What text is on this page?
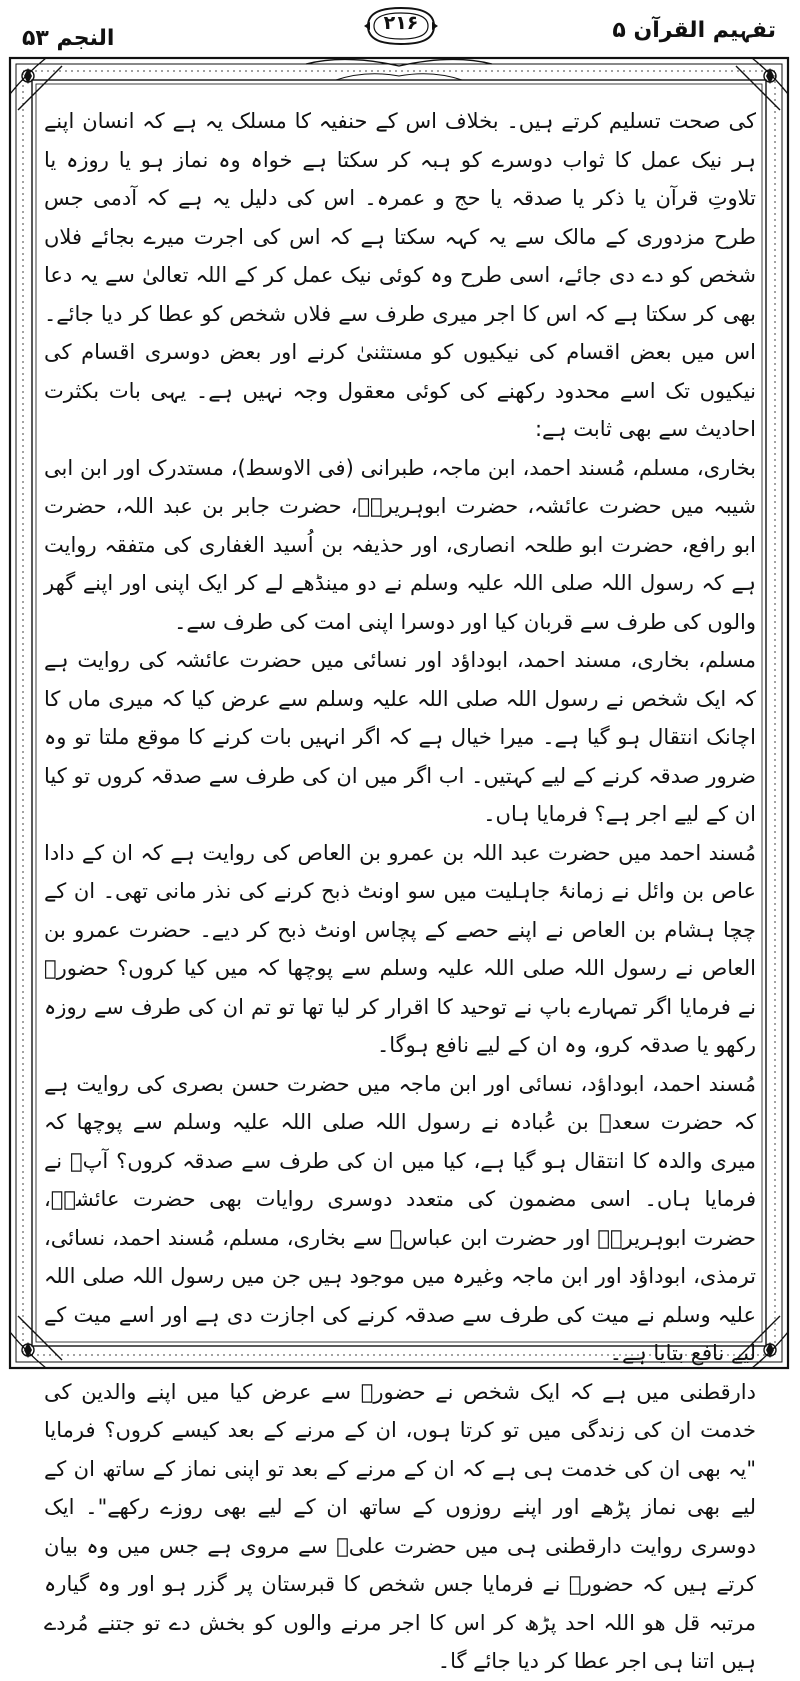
النجم ۵۳
۲۱۶	تفہیم القرآن ۵

کی صحت تسلیم کرتے ہیں۔ بخلاف اس کے حنفیہ کا مسلک یہ ہے کہ انسان اپنے ہر نیک عمل کا ثواب دوسرے کو ہبہ کر سکتا ہے خواہ وہ نماز ہو یا روزہ یا تلاوتِ قرآن یا ذکر یا صدقہ یا حج و عمرہ۔ اس کی دلیل یہ ہے کہ آدمی جس طرح مزدوری کے مالک سے یہ کہہ سکتا ہے کہ اس کی اجرت میرے بجائے فلاں شخص کو دے دی جائے، اسی طرح وہ کوئی نیک عمل کر کے اللہ تعالیٰ سے یہ دعا بھی کر سکتا ہے کہ اس کا اجر میری طرف سے فلاں شخص کو عطا کر دیا جائے۔ اس میں بعض اقسام کی نیکیوں کو مستثنیٰ کرنے اور بعض دوسری اقسام کی نیکیوں تک اسے محدود رکھنے کی کوئی معقول وجہ نہیں ہے۔ یہی بات بکثرت احادیث سے بھی ثابت ہے:

بخاری، مسلم، مُسند احمد، ابن ماجہ، طبرانی (فی الاوسط)، مستدرک اور ابن ابی شیبہ میں حضرت عائشہ، حضرت ابوہریرہؓ، حضرت جابر بن عبد اللہ، حضرت ابو رافع، حضرت ابو طلحہ انصاری، اور حذیفہ بن اُسید الغفاری کی متفقہ روایت ہے کہ رسول اللہ صلی اللہ علیہ وسلم نے دو مینڈھے لے کر ایک اپنی اور اپنے گھر والوں کی طرف سے قربان کیا اور دوسرا اپنی امت کی طرف سے۔

مسلم، بخاری، مسند احمد، ابوداؤد اور نسائی میں حضرت عائشہ کی روایت ہے کہ ایک شخص نے رسول اللہ صلی اللہ علیہ وسلم سے عرض کیا کہ میری ماں کا اچانک انتقال ہو گیا ہے۔ میرا خیال ہے کہ اگر انہیں بات کرنے کا موقع ملتا تو وہ ضرور صدقہ کرنے کے لیے کہتیں۔ اب اگر میں ان کی طرف سے صدقہ کروں تو کیا ان کے لیے اجر ہے؟ فرمایا ہاں۔

مُسند احمد میں حضرت عبد اللہ بن عمرو بن العاص کی روایت ہے کہ ان کے دادا عاص بن وائل نے زمانۂ جاہلیت میں سو اونٹ ذبح کرنے کی نذر مانی تھی۔ ان کے چچا ہشام بن العاص نے اپنے حصے کے پچاس اونٹ ذبح کر دیے۔ حضرت عمرو بن العاص نے رسول اللہ صلی اللہ علیہ وسلم سے پوچھا کہ میں کیا کروں؟ حضورؐ نے فرمایا اگر تمہارے باپ نے توحید کا اقرار کر لیا تھا تو تم ان کی طرف سے روزہ رکھو یا صدقہ کرو، وہ ان کے لیے نافع ہوگا۔

مُسند احمد، ابوداؤد، نسائی اور ابن ماجہ میں حضرت حسن بصری کی روایت ہے کہ حضرت سعدؓ بن عُبادہ نے رسول اللہ صلی اللہ علیہ وسلم سے پوچھا کہ میری والدہ کا انتقال ہو گیا ہے، کیا میں ان کی طرف سے صدقہ کروں؟ آپؐ نے فرمایا ہاں۔ اسی مضمون کی متعدد دوسری روایات بھی حضرت عائشہؓ، حضرت ابوہریرہؓ اور حضرت ابن عباسؓ سے بخاری، مسلم، مُسند احمد، نسائی، ترمذی، ابوداؤد اور ابن ماجہ وغیرہ میں موجود ہیں جن میں رسول اللہ صلی اللہ علیہ وسلم نے میت کی طرف سے صدقہ کرنے کی اجازت دی ہے اور اسے میت کے لیے نافع بتایا ہے۔

دارقطنی میں ہے کہ ایک شخص نے حضورؐ سے عرض کیا میں اپنے والدین کی خدمت ان کی زندگی میں تو کرتا ہوں، ان کے مرنے کے بعد کیسے کروں؟ فرمایا "یہ بھی ان کی خدمت ہی ہے کہ ان کے مرنے کے بعد تو اپنی نماز کے ساتھ ان کے لیے بھی نماز پڑھے اور اپنے روزوں کے ساتھ ان کے لیے بھی روزے رکھے"۔ ایک دوسری روایت دارقطنی ہی میں حضرت علیؓ سے مروی ہے جس میں وہ بیان کرتے ہیں کہ حضورؐ نے فرمایا جس شخص کا قبرستان پر گزر ہو اور وہ گیارہ مرتبہ قل ھو اللہ احد پڑھ کر اس کا اجر مرنے والوں کو بخش دے تو جتنے مُردے ہیں اتنا ہی اجر عطا کر دیا جائے گا۔
